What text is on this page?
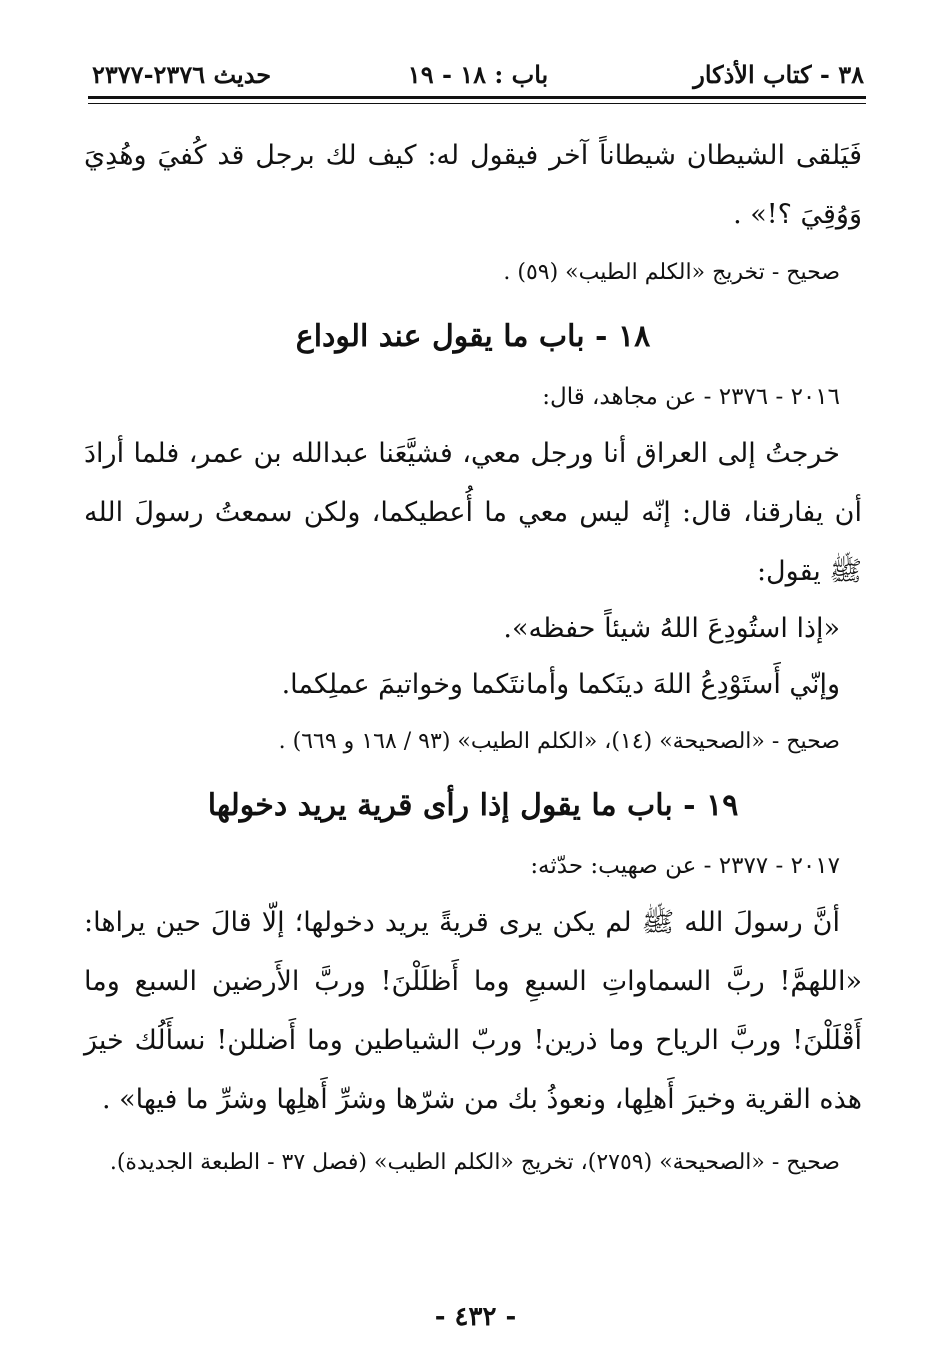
٣٨ - كتاب الأذكار
باب : ١٨ - ١٩
حديث ٢٣٧٦-٢٣٧٧

فَيَلقى الشيطان شيطاناً آخر فيقول له: كيف لك برجل قد كُفيَ وهُدِيَ وَوُقِيَ ؟!» .

صحيح - تخريج «الكلم الطيب» (٥٩) .

١٨ - باب ما يقول عند الوداع

٢٠١٦ - ٢٣٧٦ - عن مجاهد، قال:

خرجتُ إلى العراق أنا ورجل معي، فشيَّعَنا عبدالله بن عمر، فلما أرادَ أن يفارقنا، قال: إنّه ليس معي ما أُعطيكما، ولكن سمعتُ رسولَ الله ﷺ يقول:

«إذا استُودِعَ اللهُ شيئاً حفظه».

وإنّي أَستَوْدِعُ اللهَ دينَكما وأمانتَكما وخواتيمَ عملِكما.

صحيح - «الصحيحة» (١٤)، «الكلم الطيب» (٩٣ / ١٦٨ و ٦٦٩) .

١٩ - باب ما يقول إذا رأى قرية يريد دخولها

٢٠١٧ - ٢٣٧٧ - عن صهيب: حدّثه:

أنَّ رسولَ الله ﷺ لم يكن يرى قريةً يريد دخولها؛ إلّا قالَ حين يراها: «اللهمَّ! ربَّ السماواتِ السبعِ وما أَظلَلْنَ! وربَّ الأَرضين السبع وما أَقْلَلْنَ! وربَّ الرياح وما ذرين! وربّ الشياطين وما أَضللن! نسأَلُك خيرَ هذه القرية وخيرَ أَهلِها، ونعوذُ بك من شرّها وشرِّ أَهلِها وشرِّ ما فيها» .

صحيح - «الصحيحة» (٢٧٥٩)، تخريج «الكلم الطيب» (فصل ٣٧ - الطبعة الجديدة).

- ٤٣٢ -
